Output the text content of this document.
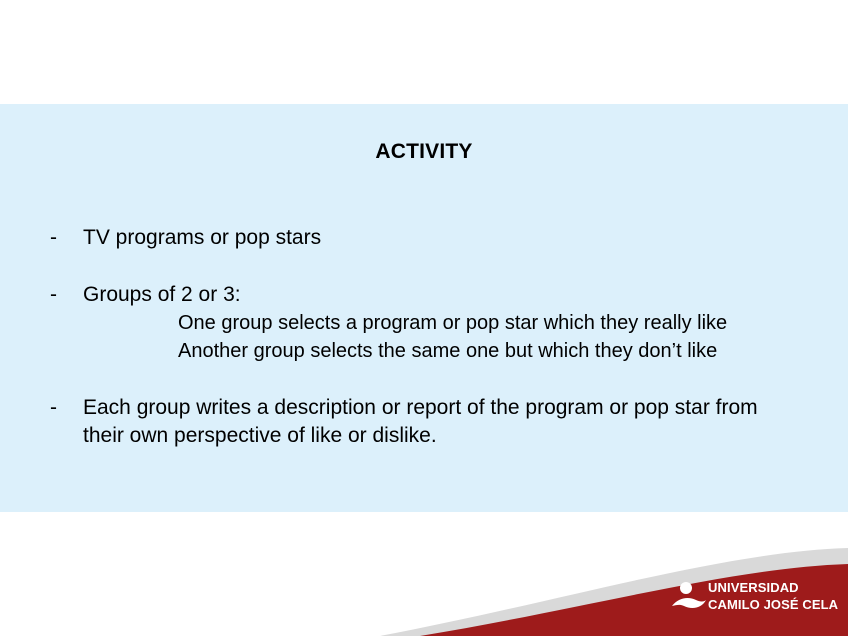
ACTIVITY
- TV programs or pop stars
- Groups of 2 or 3:
One group selects a program or pop star which they really like
Another group selects the same one but which they don’t like
- Each group writes a description or report of the program or pop star from
their own perspective of like or dislike.
UNIVERSIDAD
CAMILO JOSÉ CELA
